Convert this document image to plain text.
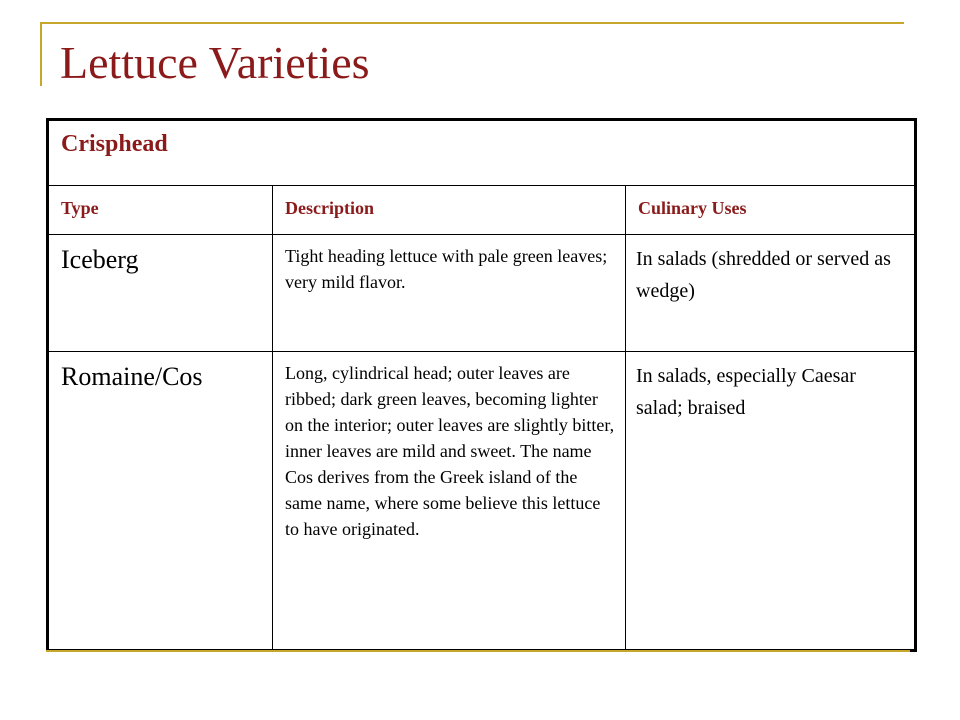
Lettuce Varieties
Crisphead		
Type	Description	Culinary Uses
Iceberg	Tight heading lettuce with pale green leaves; very mild flavor.	In salads (shredded or served as wedge)
Romaine/Cos	Long, cylindrical head; outer leaves are ribbed; dark green leaves, becoming lighter on the interior; outer leaves are slightly bitter, inner leaves are mild and sweet. The name Cos derives from the Greek island of the same name, where some believe this lettuce to have originated.	In salads, especially Caesar salad; braised
